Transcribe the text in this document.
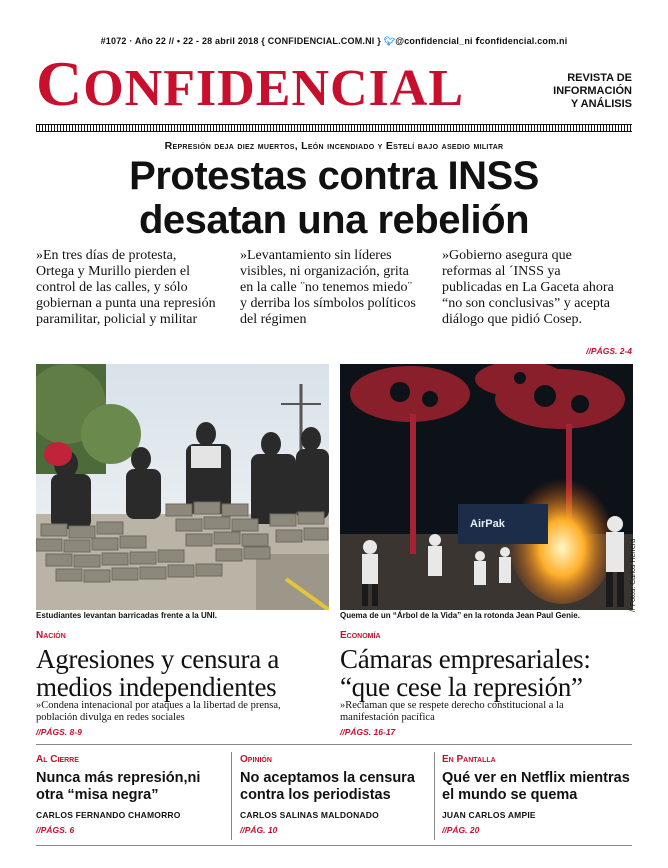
#1072 · Año 22 // • 22 - 28 abril 2018 { CONFIDENCIAL.COM.NI } 🐦︎@confidencial_ni fconfidencial.com.ni
CONFIDENCIAL	REVISTA DE INFORMACIÓN Y ANÁLISIS
Represión deja diez muertos, León incendiado y Estelí bajo asedio militar
Protestas contra INSS
desatan una rebelión
»En tres días de protesta, Ortega y Murillo pierden el control de las calles, y sólo gobiernan a punta una represión paramilitar, policial y militar
»Levantamiento sin líderes visibles, ni organización, grita en la calle ¨no tenemos miedo¨ y derriba los símbolos políticos del régimen
»Gobierno asegura que reformas al ´INSS ya publicadas en La Gaceta ahora “no son conclusivas” y acepta diálogo que pidió Cosep.
//PÁGS. 2-4
Estudiantes levantan barricadas frente a la UNI.
AirPak
// Fotos: Carlos Herrera
Quema de un “Árbol de la Vida” en la rotonda Jean Paul Genie.
Nación
Agresiones y censura a medios independientes
»Condena intenacional por ataques a la libertad de prensa, población divulga en redes sociales
//PÁGS. 8-9
Economía
Cámaras empresariales: “que cese la represión”
»Reclaman que se respete derecho constitucional a la manifestación pacífica
//PÁGS. 16-17
Al Cierre
Nunca más represión,ni otra “misa negra”
CARLOS FERNANDO CHAMORRO
//PÁGS. 6
Opinión
No aceptamos la censura contra los periodistas
CARLOS SALINAS MALDONADO
//PÁG. 10
En Pantalla
Qué ver en Netflix mientras el mundo se quema
JUAN CARLOS AMPIE
//PÁG. 20
